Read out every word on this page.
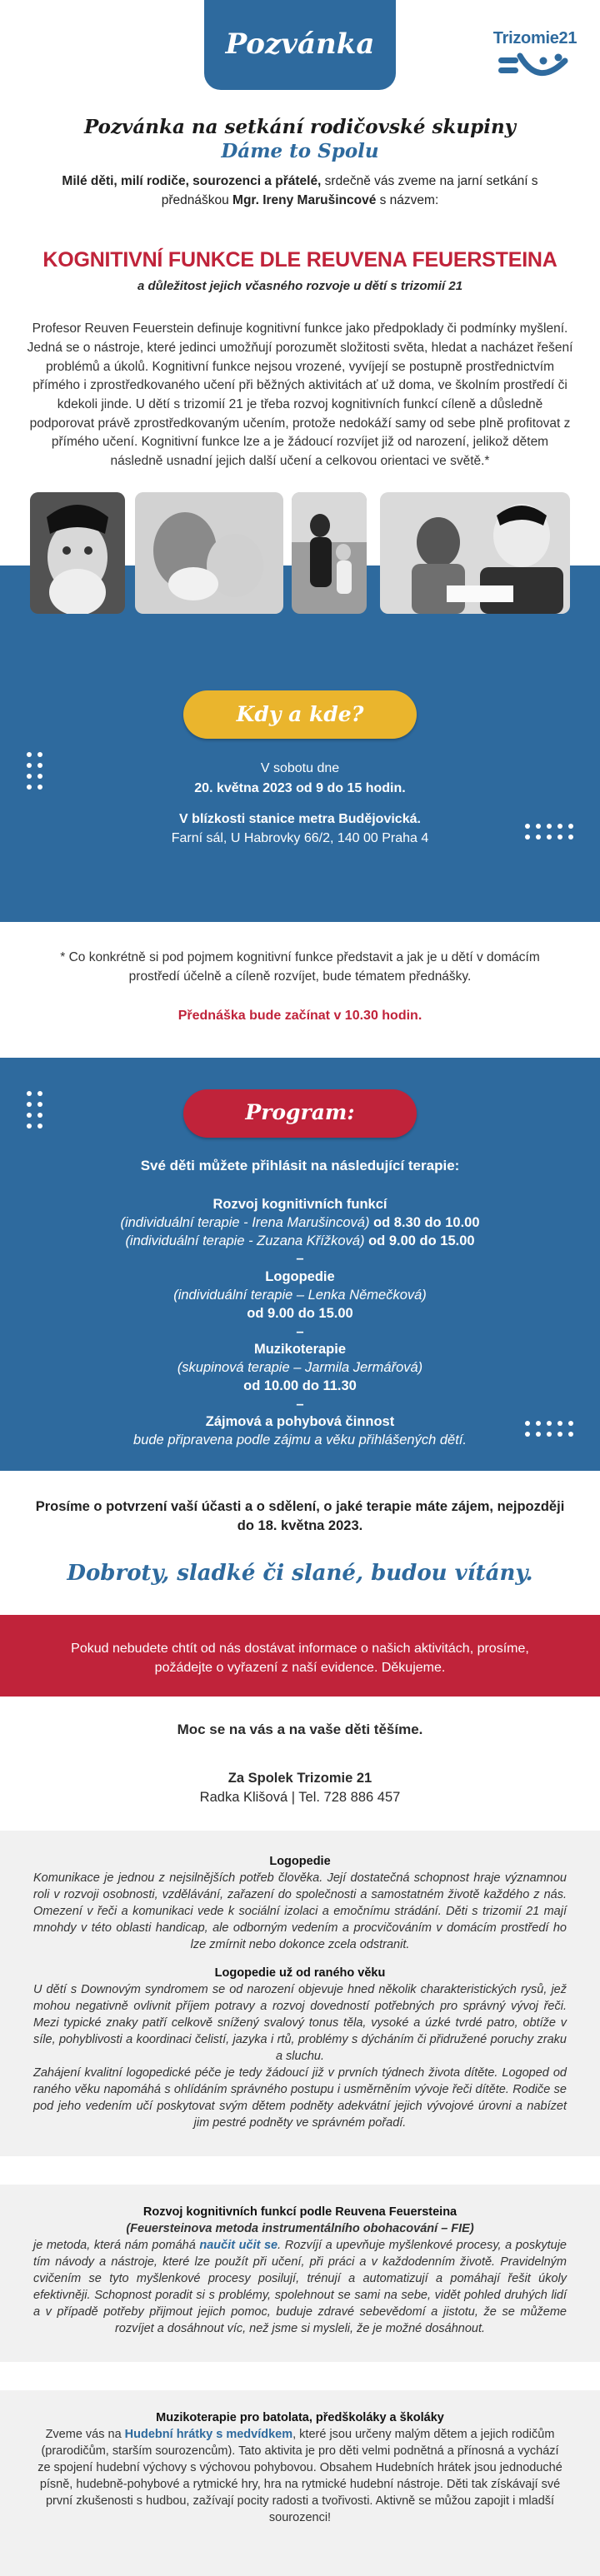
Pozvánka	Trizomie21
Pozvánka na setkání rodičovské skupiny
Dáme to Spolu

Milé děti, milí rodiče, sourozenci a přátelé, srdečně vás zveme na jarní setkání s přednáškou Mgr. Ireny Marušincové s názvem:

KOGNITIVNÍ FUNKCE DLE REUVENA FEUERSTEINA

a důležitost jejich včasného rozvoje u dětí s trizomií 21

Profesor Reuven Feuerstein definuje kognitivní funkce jako předpoklady či podmínky myšlení. Jedná se o nástroje, které jedinci umožňují porozumět složitosti světa, hledat a nacházet řešení problémů a úkolů. Kognitivní funkce nejsou vrozené, vyvíjejí se postupně prostřednictvím přímého i zprostředkovaného učení při běžných aktivitách ať už doma, ve školním prostředí či kdekoli jinde. U dětí s trizomií 21 je třeba rozvoj kognitivních funkcí cíleně a důsledně podporovat právě zprostředkovaným učením, protože nedokáží samy od sebe plně profitovat z přímého učení. Kognitivní funkce lze a je žádoucí rozvíjet již od narození, jelikož dětem následně usnadní jejich další učení a celkovou orientaci ve světě.*

Kdy a kde?
V sobotu dne
20. května 2023 od 9 do 15 hodin.
V blízkosti stanice metra Budějovická.
Farní sál, U Habrovky 66/2, 140 00 Praha 4

* Co konkrétně si pod pojmem kognitivní funkce představit a jak je u dětí v domácím prostředí účelně a cíleně rozvíjet, bude tématem přednášky.

Přednáška bude začínat v 10.30 hodin.

Program:
Své děti můžete přihlásit na následující terapie:
Rozvoj kognitivních funkcí
(individuální terapie - Irena Marušincová) od 8.30 do 10.00
(individuální terapie - Zuzana Křížková) od 9.00 do 15.00
–
Logopedie
(individuální terapie – Lenka Němečková)
od 9.00 do 15.00
–
Muzikoterapie
(skupinová terapie – Jarmila Jermářová)
od 10.00 do 11.30
–
Zájmová a pohybová činnost
bude připravena podle zájmu a věku přihlášených dětí.

Prosíme o potvrzení vaší účasti a o sdělení, o jaké terapie máte zájem, nejpozději do 18. května 2023.

Dobroty, sladké či slané, budou vítány.

Pokud nebudete chtít od nás dostávat informace o našich aktivitách, prosíme, požádejte o vyřazení z naší evidence. Děkujeme.

Moc se na vás a na vaše děti těšíme.

Za Spolek Trizomie 21
Radka Klišová | Tel. 728 886 457
Logopedie

Komunikace je jednou z nejsilnějších potřeb člověka. Její dostatečná schopnost hraje významnou roli v rozvoji osobnosti, vzdělávání, zařazení do společnosti a samostatném životě každého z nás. Omezení v řeči a komunikaci vede k sociální izolaci a emočnímu strádání. Děti s trizomií 21 mají mnohdy v této oblasti handicap, ale odborným vedením a procvičováním v domácím prostředí ho lze zmírnit nebo dokonce zcela odstranit.

Logopedie už od raného věku

U dětí s Downovým syndromem se od narození objevuje hned několik charakteristických rysů, jež mohou negativně ovlivnit příjem potravy a rozvoj dovedností potřebných pro správný vývoj řeči. Mezi typické znaky patří celkově snížený svalový tonus těla, vysoké a úzké tvrdé patro, obtíže v síle, pohyblivosti a koordinaci čelistí, jazyka i rtů, problémy s dýcháním či přidružené poruchy zraku a sluchu.

Zahájení kvalitní logopedické péče je tedy žádoucí již v prvních týdnech života dítěte. Logoped od raného věku napomáhá s ohlídáním správného postupu i usměrněním vývoje řeči dítěte. Rodiče se pod jeho vedením učí poskytovat svým dětem podněty adekvátní jejich vývojové úrovni a nabízet jim pestré podněty ve správném pořadí.

Rozvoj kognitivních funkcí podle Reuvena Feuersteina

(Feuersteinova metoda instrumentálního obohacování – FIE)

je metoda, která nám pomáhá naučit učit se. Rozvíjí a upevňuje myšlenkové procesy, a poskytuje tím návody a nástroje, které lze použít při učení, při práci a v každodenním životě. Pravidelným cvičením se tyto myšlenkové procesy posilují, trénují a automatizují a pomáhají řešit úkoly efektivněji. Schopnost poradit si s problémy, spolehnout se sami na sebe, vidět pohled druhých lidí a v případě potřeby přijmout jejich pomoc, buduje zdravé sebevědomí a jistotu, že se můžeme rozvíjet a dosáhnout víc, než jsme si mysleli, že je možné dosáhnout.

Muzikoterapie pro batolata, předškoláky a školáky

Zveme vás na Hudební hrátky s medvídkem, které jsou určeny malým dětem a jejich rodičům (prarodičům, starším sourozencům). Tato aktivita je pro děti velmi podnětná a přínosná a vychází ze spojení hudební výchovy s výchovou pohybovou. Obsahem Hudebních hrátek jsou jednoduché písně, hudebně-pohybové a rytmické hry, hra na rytmické hudební nástroje. Děti tak získávají své první zkušenosti s hudbou, zažívají pocity radosti a tvořivosti. Aktivně se můžou zapojit i mladší sourozenci!
